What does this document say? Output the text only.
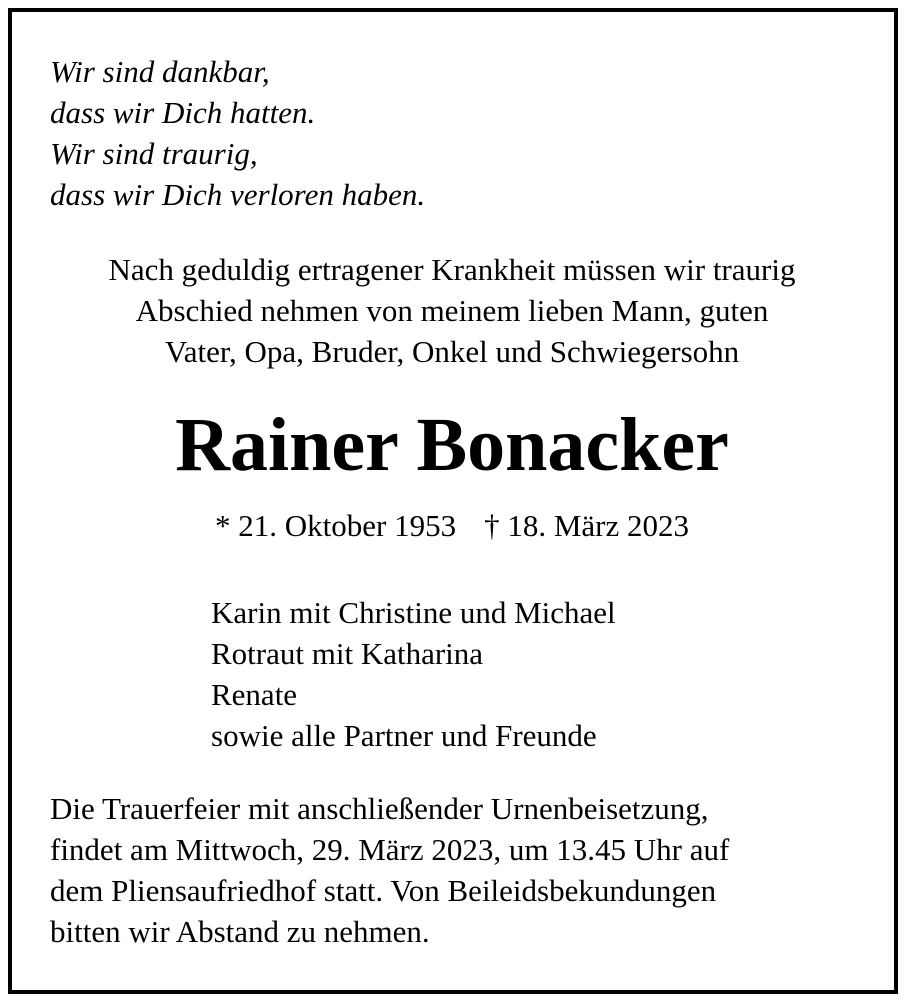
Wir sind dankbar,
dass wir Dich hatten.
Wir sind traurig,
dass wir Dich verloren haben.
Nach geduldig ertragener Krankheit müssen wir traurig
Abschied nehmen von meinem lieben Mann, guten
Vater, Opa, Bruder, Onkel und Schwiegersohn
Rainer Bonacker
* 21. Oktober 1953 † 18. März 2023
Karin mit Christine und Michael
Rotraut mit Katharina
Renate
sowie alle Partner und Freunde
Die Trauerfeier mit anschließender Urnenbeisetzung,
findet am Mittwoch, 29. März 2023, um 13.45 Uhr auf
dem Pliensaufriedhof statt. Von Beileidsbekundungen
bitten wir Abstand zu nehmen.
